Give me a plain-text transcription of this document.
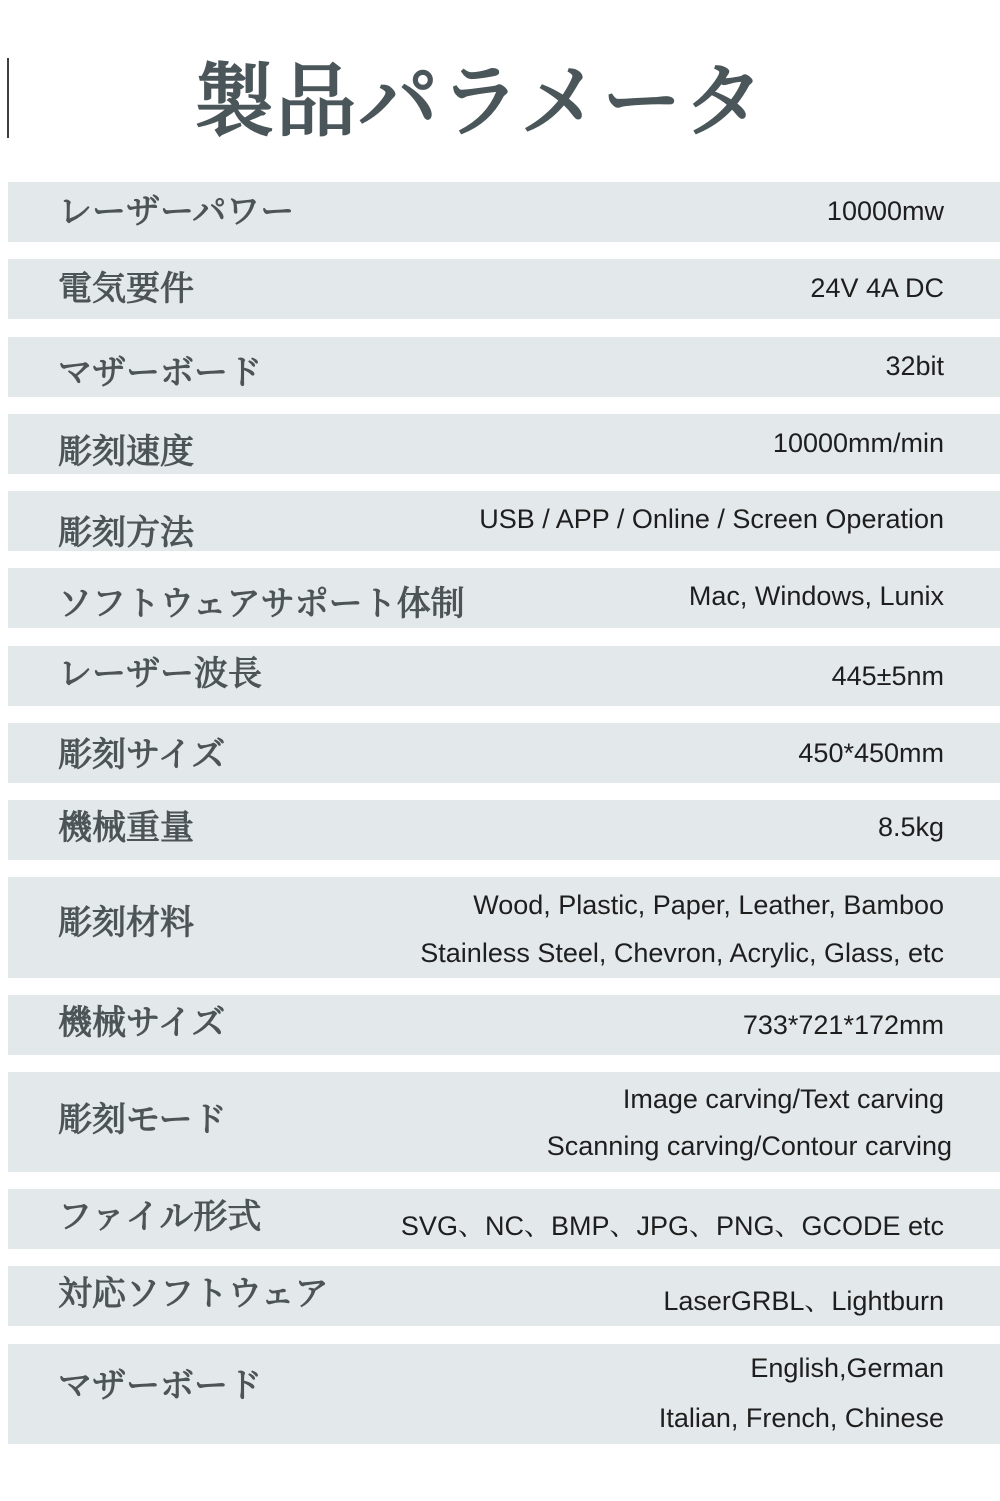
製品パラメータ
レーザーパワー	10000mw
電気要件	24V 4A DC
マザーボード	32bit
彫刻速度	10000mm/min
彫刻方法	USB / APP / Online / Screen Operation
ソフトウェアサポート体制	Mac, Windows, Lunix
レーザー波長	445±5nm
彫刻サイズ	450*450mm
機械重量	8.5kg
彫刻材料	Wood, Plastic, Paper, Leather, Bamboo
Stainless Steel, Chevron, Acrylic, Glass, etc
機械サイズ	733*721*172mm
彫刻モード
Image carving/Text carving
Scanning carving/Contour carving
ファイル形式	SVG、NC、BMP、JPG、PNG、GCODE etc
対応ソフトウェア	LaserGRBL、Lightburn
マザーボード	English,German
Italian, French, Chinese
